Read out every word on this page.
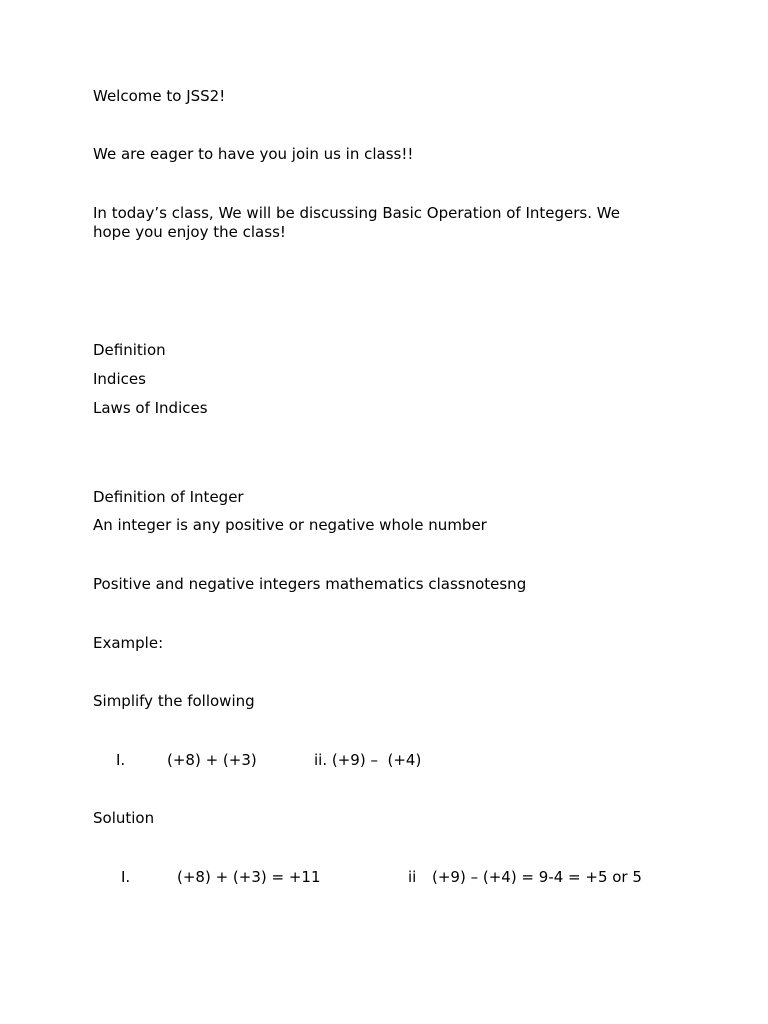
Welcome to JSS2!
We are eager to have you join us in class!!
In today’s class, We will be discussing Basic Operation of Integers. We hope you enjoy the class!
Definition
Indices
Laws of Indices
Definition of Integer
An integer is any positive or negative whole number
Positive and negative integers mathematics classnotesng
Example:
Simplify the following
I.	(+8) + (+3)	ii. (+9) –  (+4)
Solution
I.	(+8) + (+3) = +11	ii (+9) – (+4) = 9-4 = +5 or 5
